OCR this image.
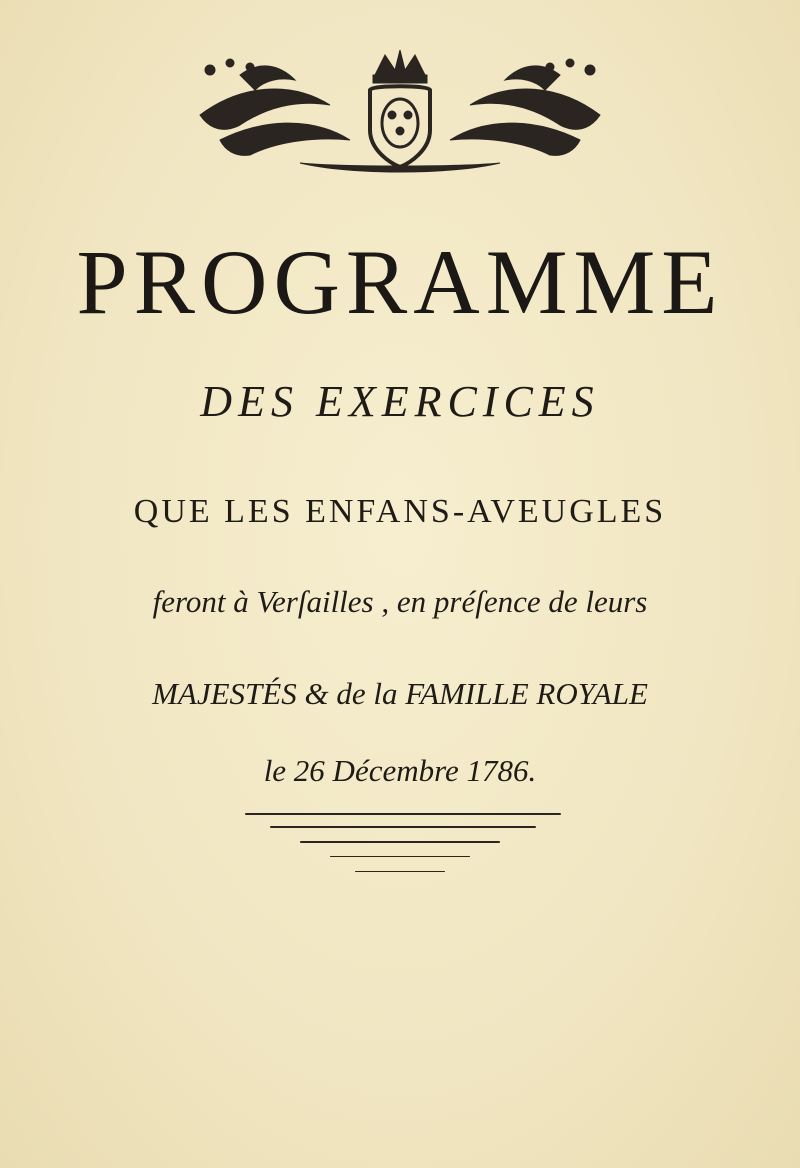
PROGRAMME
DES EXERCICES
QUE LES ENFANS-AVEUGLES
feront à Verſailles , en préſence de leurs
MAJESTÉS & de la FAMILLE ROYALE
le 26 Décembre 1786.
